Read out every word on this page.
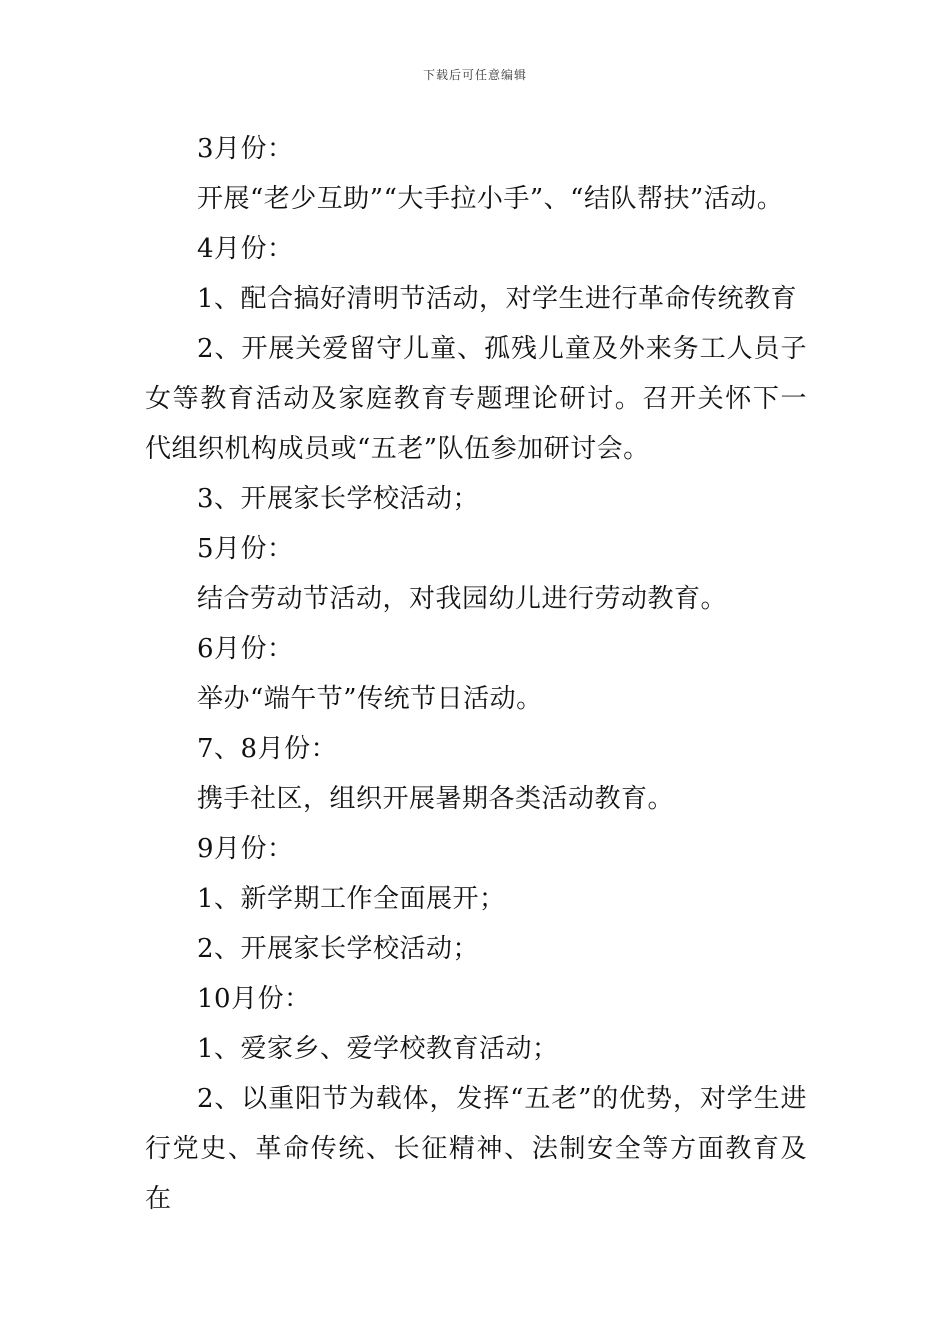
下载后可任意编辑

3月份：

开展“老少互助”“大手拉小手”、“结队帮扶”活动。

4月份：

1、配合搞好清明节活动，对学生进行革命传统教育

2、开展关爱留守儿童、孤残儿童及外来务工人员子女等教育活动及家庭教育专题理论研讨。召开关怀下一代组织机构成员或“五老”队伍参加研讨会。

3、开展家长学校活动；

5月份：

结合劳动节活动，对我园幼儿进行劳动教育。

6月份：

举办“端午节”传统节日活动。

7、8月份：

携手社区，组织开展暑期各类活动教育。

9月份：

1、新学期工作全面展开；

2、开展家长学校活动；

10月份：

1、爱家乡、爱学校教育活动；

2、以重阳节为载体，发挥“五老”的优势，对学生进行党史、革命传统、长征精神、法制安全等方面教育及在
